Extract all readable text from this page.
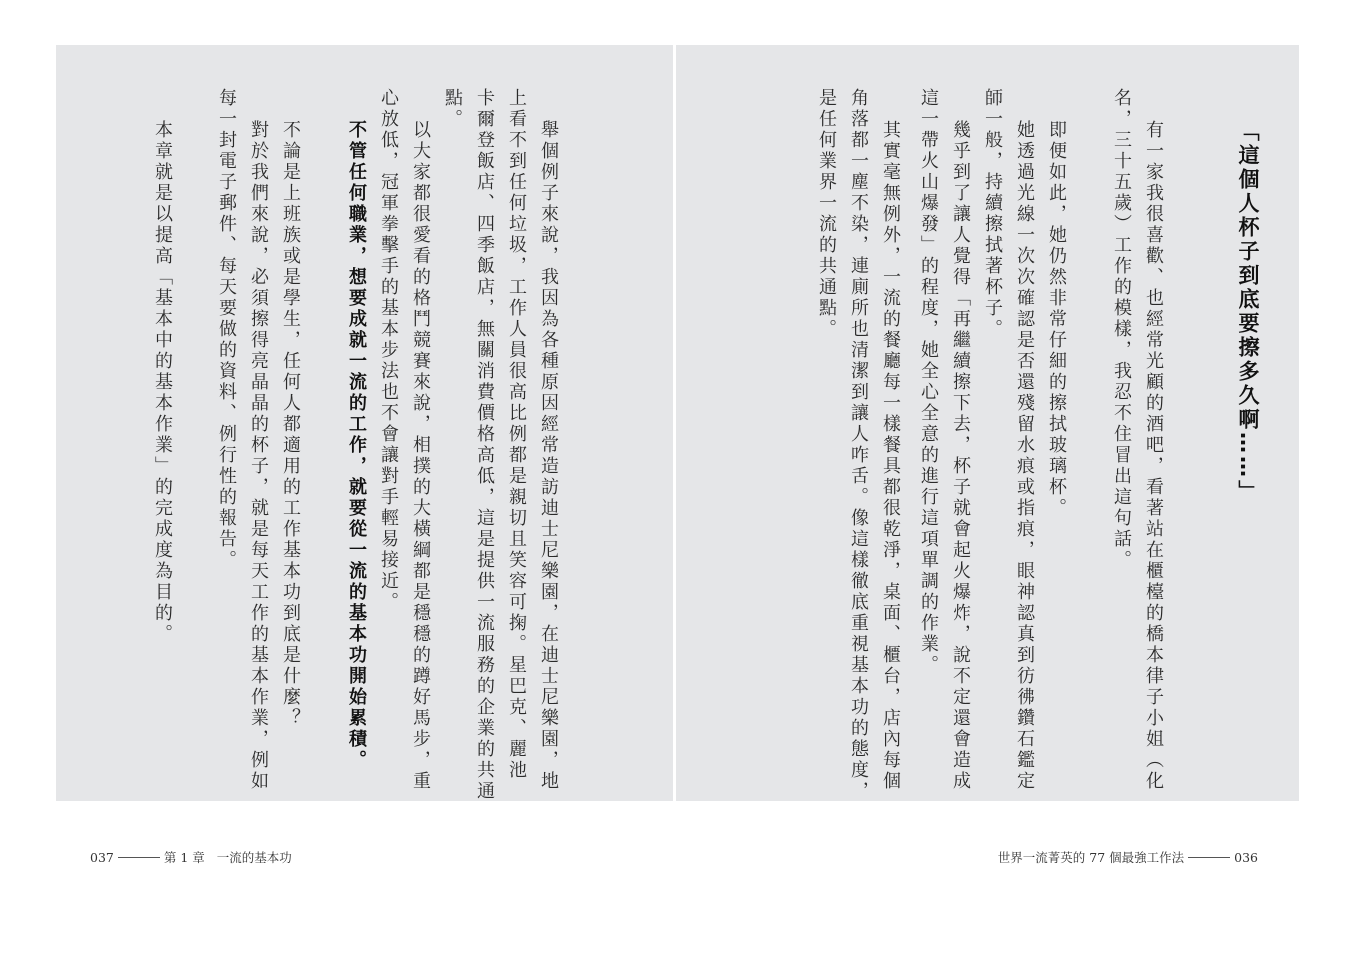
「這個人杯子到底要擦多久啊……」

有一家我很喜歡、也經常光顧的酒吧，看著站在櫃檯的橋本律子小姐（化

名，三十五歲）工作的模樣，我忍不住冒出這句話。

即便如此，她仍然非常仔細的擦拭玻璃杯。

她透過光線一次次確認是否還殘留水痕或指痕，眼神認真到彷彿鑽石鑑定

師一般，持續擦拭著杯子。

幾乎到了讓人覺得「再繼續擦下去，杯子就會起火爆炸，說不定還會造成

這一帶火山爆發」的程度，她全心全意的進行這項單調的作業。

其實毫無例外，一流的餐廳每一樣餐具都很乾淨，桌面、櫃台，店內每個

角落都一塵不染，連廁所也清潔到讓人咋舌。像這樣徹底重視基本功的態度，

是任何業界一流的共通點。

舉個例子來說，我因為各種原因經常造訪迪士尼樂園，在迪士尼樂園，地

上看不到任何垃圾，工作人員很高比例都是親切且笑容可掬。星巴克、麗池

卡爾登飯店、四季飯店，無關消費價格高低，這是提供一流服務的企業的共通

點。

以大家都很愛看的格鬥競賽來說，相撲的大橫綱都是穩穩的蹲好馬步，重

心放低，冠軍拳擊手的基本步法也不會讓對手輕易接近。

不管任何職業，想要成就一流的工作，就要從一流的基本功開始累積。

不論是上班族或是學生，任何人都適用的工作基本功到底是什麼？

對於我們來說，必須擦得亮晶晶的杯子，就是每天工作的基本作業，例如

每一封電子郵件、每天要做的資料、例行性的報告。

本章就是以提高「基本中的基本作業」的完成度為目的。

037	第 1 章 一流的基本功	世界一流菁英的 77 個最強工作法	036
